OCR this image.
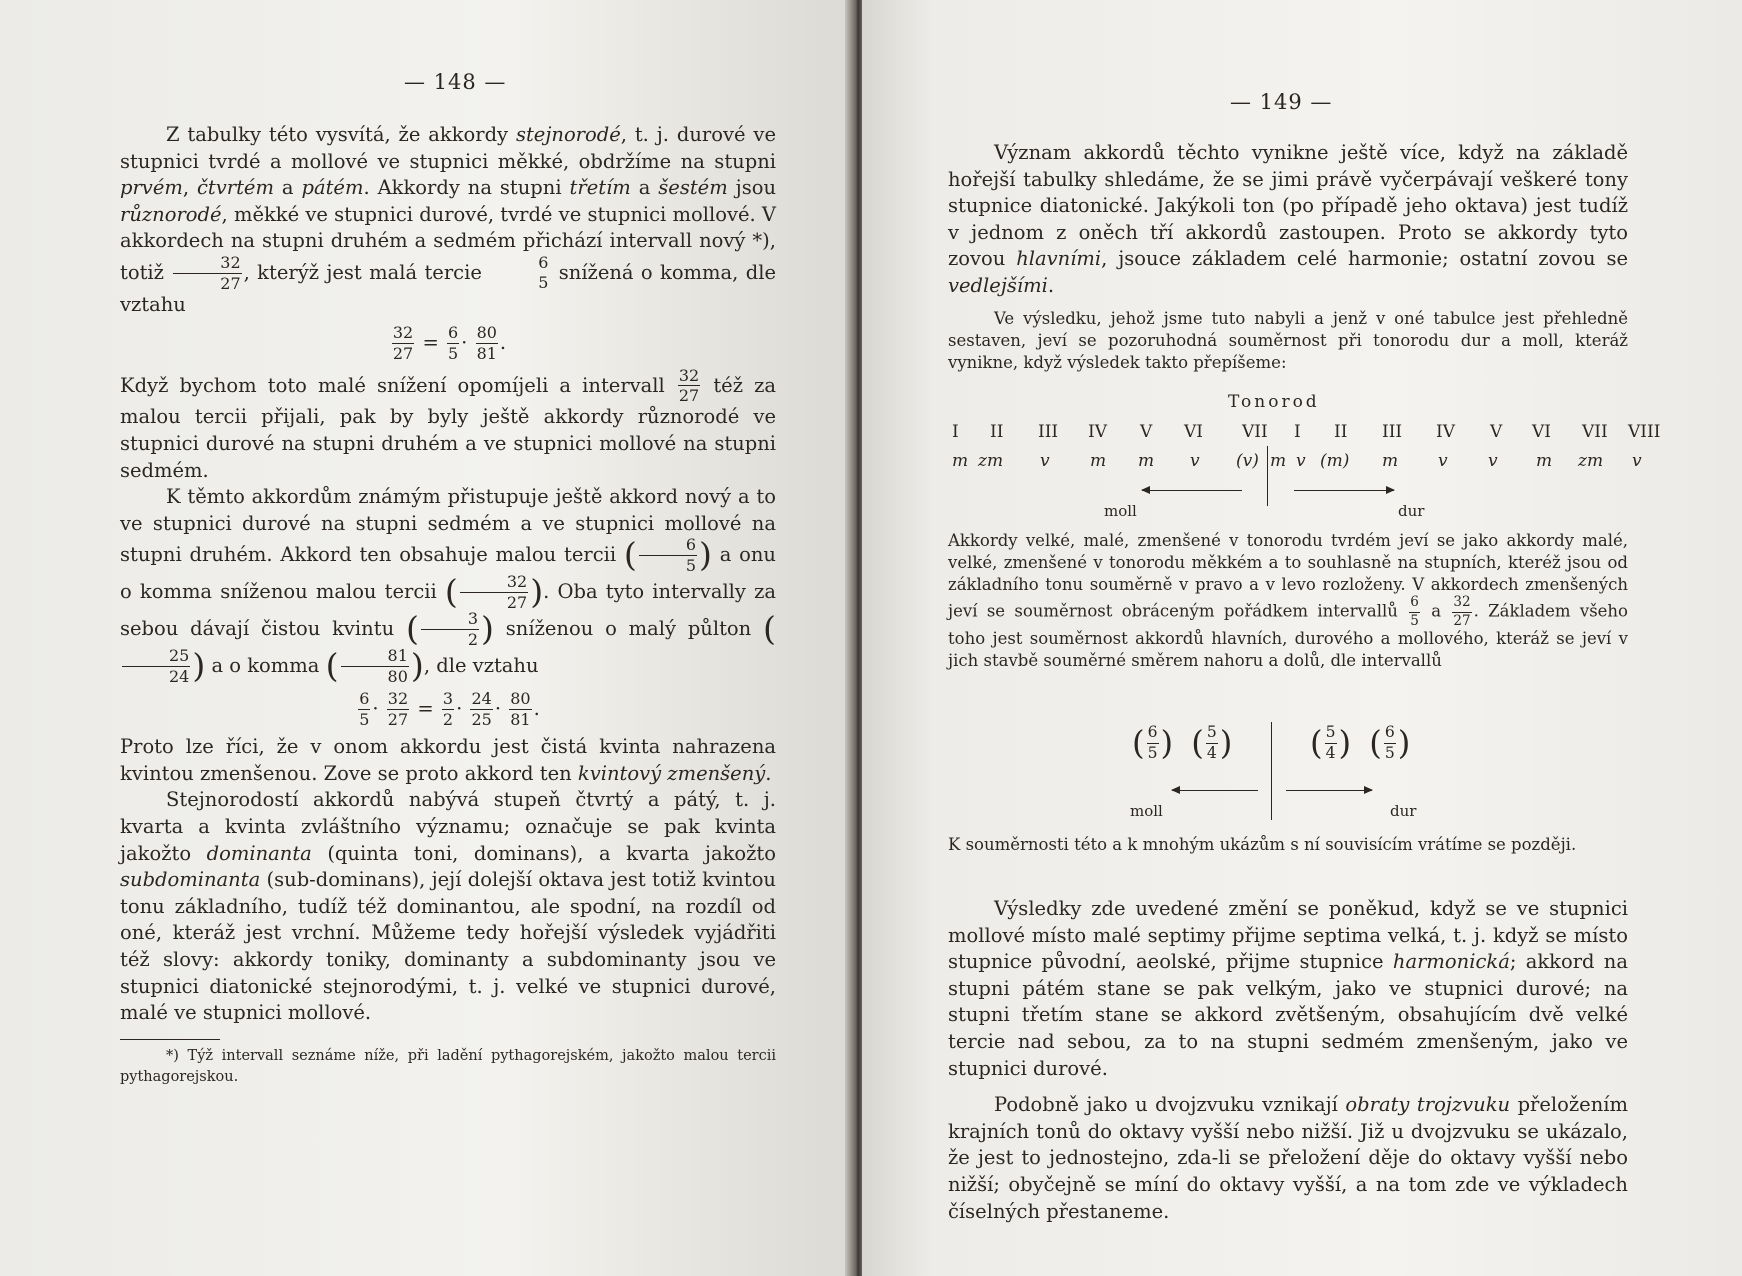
— 148 —

Z tabulky této vysvítá, že akkordy stejnorodé, t. j. durové ve stupnici tvrdé a mollové ve stupnici měkké, obdržíme na stupni prvém, čtvrtém a pátém. Akkordy na stupni třetím a šestém jsou různorodé, měkké ve stupnici durové, tvrdé ve stupnici mollové. V akkordech na stupni druhém a sedmém přichází intervall nový *), totiž $\frac{32}{27}$ , kterýž jest malá tercie	6
5 snížená o komma, dle vztahu

$\frac{32}{27} = \frac{6}{5} \cdot \frac{80}{81}$ .

Když bychom toto malé snížení opomíjeli a intervall $\frac{32}{27}$ též za malou tercii přijali, pak by byly ještě akkordy různorodé ve stupnici durové na stupni druhém a ve stupnici mollové na stupni sedmém.

K těmto akkordům známým přistupuje ještě akkord nový a to ve stupnici durové na stupni sedmém a ve stupnici mollové na stupni druhém. Akkord ten obsahuje malou tercii ( $\frac{6}{5}$ ) a onu o komma sníženou malou tercii ( $\frac{32}{27}$ ). Oba tyto intervally za sebou dávají čistou kvintu ( $\frac{3}{2}$ ) sníženou o malý půlton (
$\frac{25}{24}$ ) a o komma ( $\frac{81}{80}$ ), dle vztahu

$\frac{6}{5} \cdot \frac{32}{27} = \frac{3}{2} \cdot \frac{24}{25} \cdot \frac{80}{81}$ .

Proto lze říci, že v onom akkordu jest čistá kvinta nahrazena kvintou zmenšenou. Zove se proto akkord ten kvintový zmenšený.

Stejnorodostí akkordů nabývá stupeň čtvrtý a pátý, t. j. kvarta a kvinta zvláštního významu; označuje se pak kvinta jakožto dominanta (quinta toni, dominans), a kvarta jakožto subdominanta (sub-dominans), její dolejší oktava jest totiž kvintou tonu základního, tudíž též dominantou, ale spodní, na rozdíl od oné, kteráž jest vrchní. Můžeme tedy hořejší výsledek vyjádřiti též slovy: akkordy toniky, dominanty a subdominanty jsou ve stupnici diatonické stejnorodými, t. j. velké ve stupnici durové, malé ve stupnici mollové.

*) Týž intervall seznáme níže, při ladění pythagorejském, jakožto malou tercii pythagorejskou.

— 149 —

Význam akkordů těchto vynikne ještě více, když na základě hořejší tabulky shledáme, že se jimi právě vyčerpávají veškeré tony stupnice diatonické. Jakýkoli ton (po případě jeho oktava) jest tudíž v jednom z oněch tří akkordů zastoupen. Proto se akkordy tyto zovou hlavními, jsouce základem celé harmonie; ostatní zovou se vedlejšími.

Ve výsledku, jehož jsme tuto nabyli a jenž v oné tabulce jest přehledně sestaven, jeví se pozoruhodná souměrnost při tonorodu dur a moll, kteráž vynikne, když výsledek takto přepíšeme:

Tonorod
I II III IV V VI VII I II III IV V VI VII VIII
m zm v m m v (v) m v (m) m v v m zm v
moll	dur

Akkordy velké, malé, zmenšené v tonorodu tvrdém jeví se jako akkordy malé, velké, zmenšené v tonorodu měkkém a to souhlasně na stupních, kteréž jsou od základního tonu souměrně v pravo a v levo rozloženy. V akkordech zmenšených jeví se souměrnost obráceným pořádkem intervallů $\frac{6}{5}$ a $\frac{32}{27}$ . Základem všeho toho jest souměrnost akkordů hlavních, durového a mollového, kteráž se jeví v jich stavbě souměrné směrem nahoru a dolů, dle intervallů

( $\frac{6}{5}$ ) ( $\frac{5}{4}$ ) ( $\frac{5}{4}$ ) ( $\frac{6}{5}$ )
moll	dur
K souměrnosti této a k mnohým ukázům s ní souvisícím vrátíme se později.

Výsledky zde uvedené změní se poněkud, když se ve stupnici mollové místo malé septimy přijme septima velká, t. j. když se místo stupnice původní, aeolské, přijme stupnice harmonická; akkord na stupni pátém stane se pak velkým, jako ve stupnici durové; na stupni třetím stane se akkord zvětšeným, obsahujícím dvě velké tercie nad sebou, za to na stupni sedmém zmenšeným, jako ve stupnici durové.

Podobně jako u dvojzvuku vznikají obraty trojzvuku přeložením krajních tonů do oktavy vyšší nebo nižší. Již u dvojzvuku se ukázalo, že jest to jednostejno, zda-li se přeložení děje do oktavy vyšší nebo nižší; obyčejně se míní do oktavy vyšší, a na tom zde ve výkladech číselných přestaneme.
